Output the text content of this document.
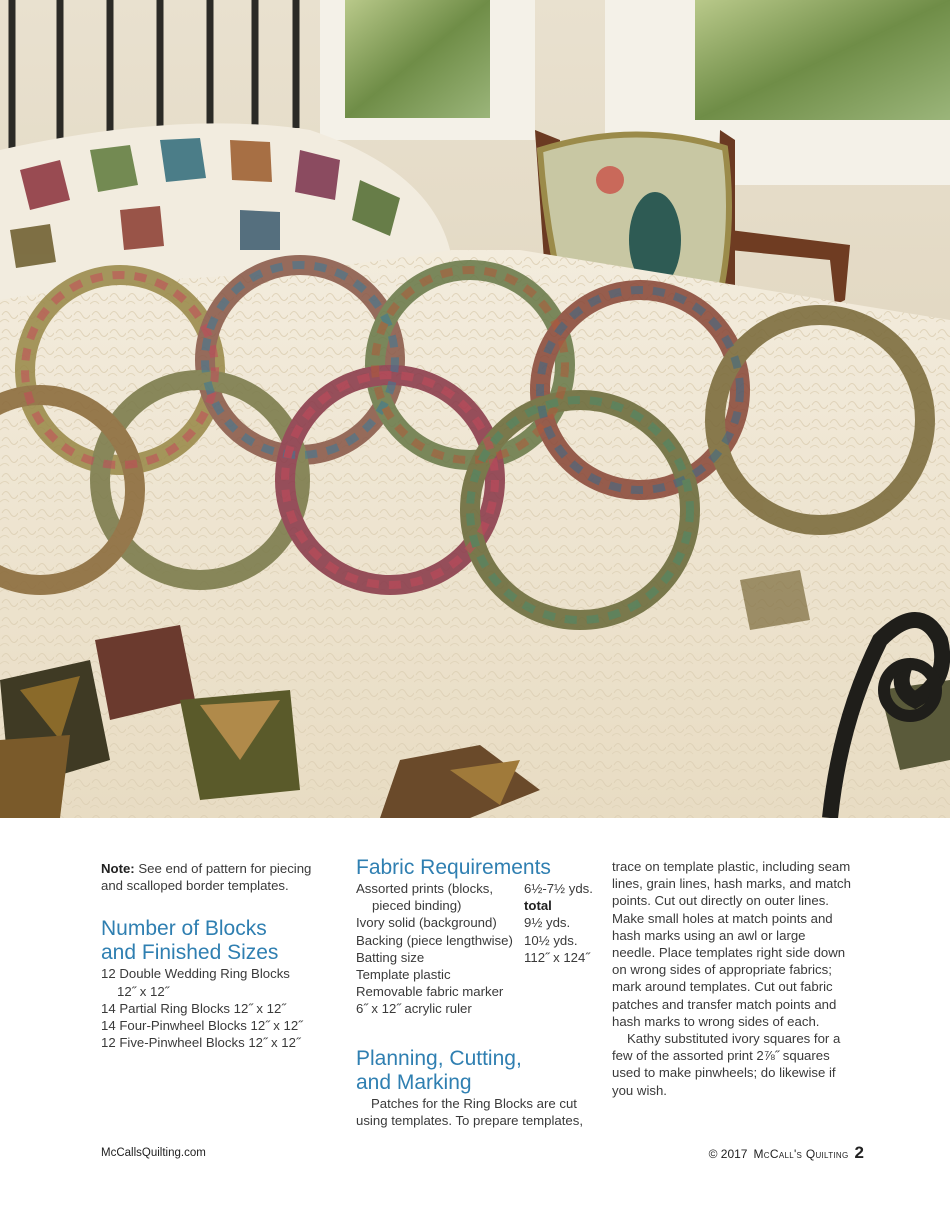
Note: See end of pattern for piecing and scalloped border templates.

Number of Blocks
and Finished Sizes

12 Double Wedding Ring Blocks

12˝ x 12˝

14 Partial Ring Blocks 12˝ x 12˝

14 Four-Pinwheel Blocks 12˝ x 12˝

12 Five-Pinwheel Blocks 12˝ x 12˝

Fabric Requirements
Assorted prints (blocks,	6½-7½ yds.
pieced binding)	total
Ivory solid (background)	9½ yds.
Backing (piece lengthwise) 10½ yds.
Batting size	112˝ x 124˝
Template plastic
Removable fabric marker
6˝ x 12˝ acrylic ruler
Planning, Cutting,
and Marking

Patches for the Ring Blocks are cut using templates. To prepare templates,

trace on template plastic, including seam lines, grain lines, hash marks, and match points. Cut out directly on outer lines. Make small holes at match points and hash marks using an awl or large needle. Place templates right side down on wrong sides of appropriate fabrics; mark around templates. Cut out fabric patches and transfer match points and hash marks to wrong sides of each.

Kathy substituted ivory squares for a few of the assorted print 2⅞˝ squares used to make pinwheels; do likewise if you wish.

McCallsQuilting.com	© 2017 McCall's Quilting 2
